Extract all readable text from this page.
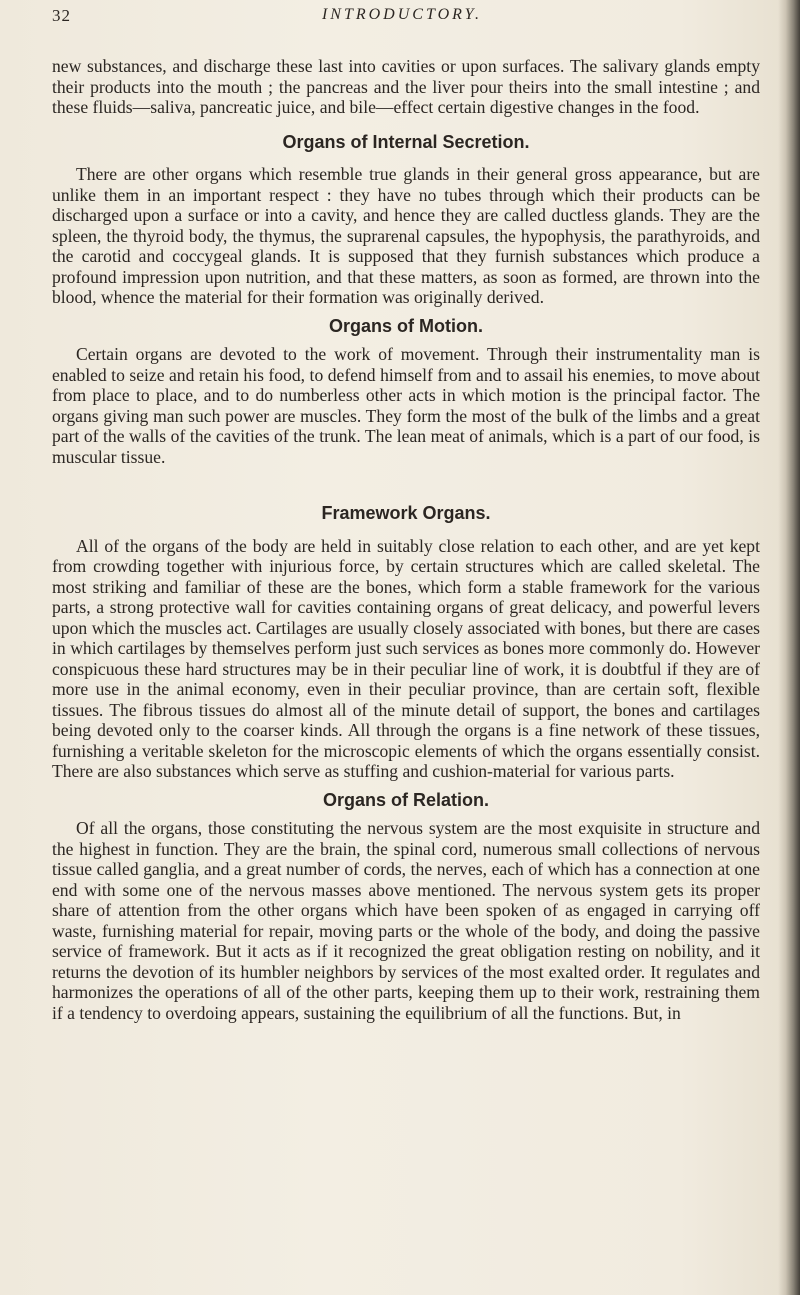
32	INTRODUCTORY.

new substances, and discharge these last into cavities or upon surfaces. The salivary glands empty their products into the mouth ; the pancreas and the liver pour theirs into the small intestine ; and these fluids—saliva, pancreatic juice, and bile—effect certain digestive changes in the food.

Organs of Internal Secretion.

There are other organs which resemble true glands in their general gross appearance, but are unlike them in an important respect : they have no tubes through which their products can be discharged upon a surface or into a cavity, and hence they are called ductless glands. They are the spleen, the thyroid body, the thymus, the suprarenal capsules, the hypophysis, the parathyroids, and the carotid and coccygeal glands. It is supposed that they furnish substances which produce a profound impression upon nutrition, and that these matters, as soon as formed, are thrown into the blood, whence the material for their formation was originally derived.

Organs of Motion.

Certain organs are devoted to the work of movement. Through their instrumentality man is enabled to seize and retain his food, to defend himself from and to assail his enemies, to move about from place to place, and to do numberless other acts in which motion is the principal factor. The organs giving man such power are muscles. They form the most of the bulk of the limbs and a great part of the walls of the cavities of the trunk. The lean meat of animals, which is a part of our food, is muscular tissue.

Framework Organs.

All of the organs of the body are held in suitably close relation to each other, and are yet kept from crowding together with injurious force, by certain structures which are called skeletal. The most striking and familiar of these are the bones, which form a stable framework for the various parts, a strong protective wall for cavities containing organs of great delicacy, and powerful levers upon which the muscles act. Cartilages are usually closely associated with bones, but there are cases in which cartilages by themselves perform just such services as bones more commonly do. However conspicuous these hard structures may be in their peculiar line of work, it is doubtful if they are of more use in the animal economy, even in their peculiar province, than are certain soft, flexible tissues. The fibrous tissues do almost all of the minute detail of support, the bones and cartilages being devoted only to the coarser kinds. All through the organs is a fine network of these tissues, furnishing a veritable skeleton for the microscopic elements of which the organs essentially consist. There are also substances which serve as stuffing and cushion-material for various parts.

Organs of Relation.

Of all the organs, those constituting the nervous system are the most exquisite in structure and the highest in function. They are the brain, the spinal cord, numerous small collections of nervous tissue called ganglia, and a great number of cords, the nerves, each of which has a connection at one end with some one of the nervous masses above mentioned. The nervous system gets its proper share of attention from the other organs which have been spoken of as engaged in carrying off waste, furnishing material for repair, moving parts or the whole of the body, and doing the passive service of framework. But it acts as if it recognized the great obligation resting on nobility, and it returns the devotion of its humbler neighbors by services of the most exalted order. It regulates and harmonizes the operations of all of the other parts, keeping them up to their work, restraining them if a tendency to overdoing appears, sustaining the equilibrium of all the functions. But, in
